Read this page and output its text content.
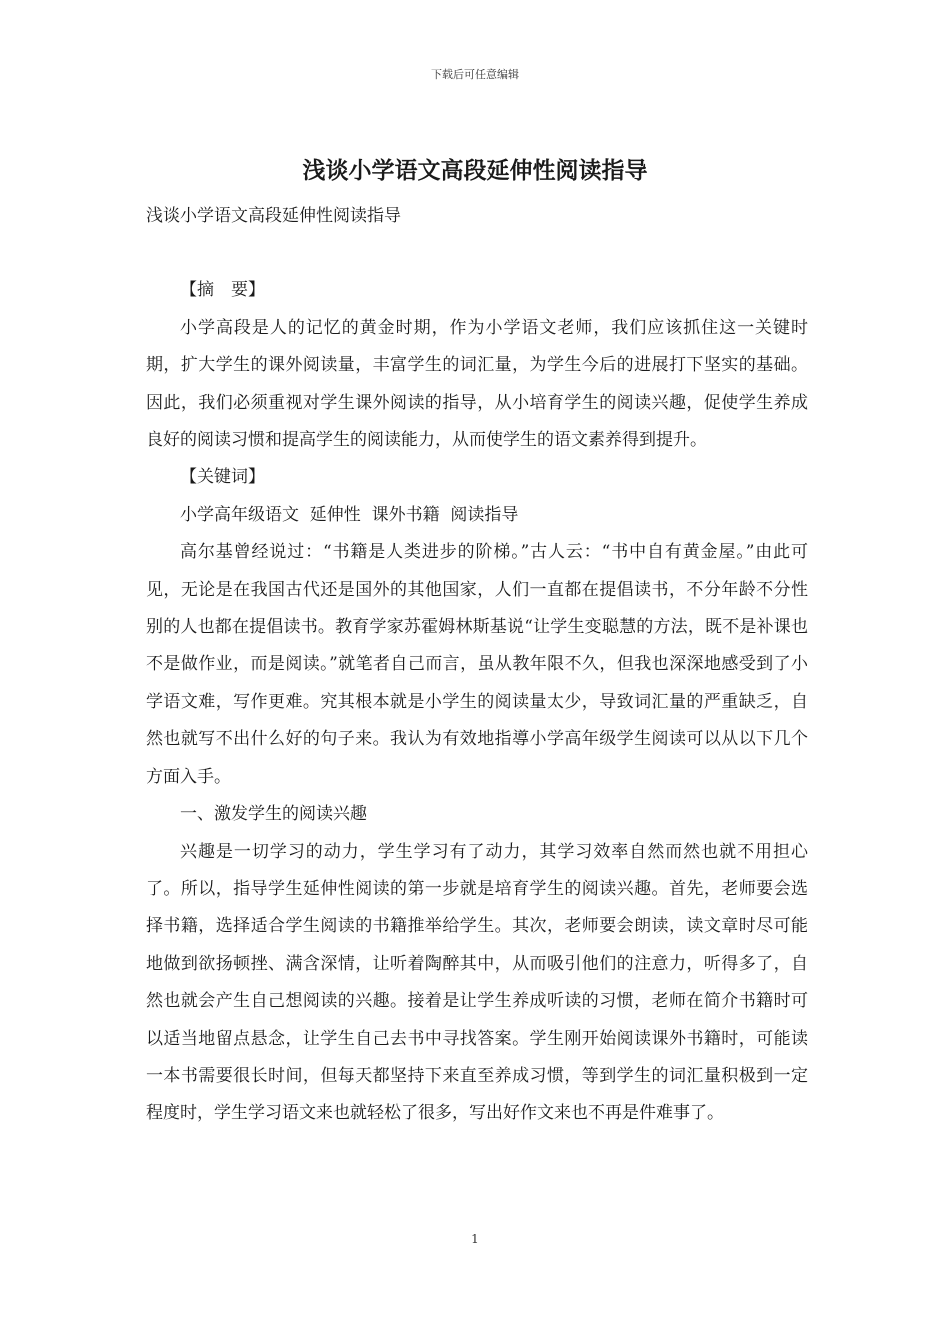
下载后可任意编辑
浅谈小学语文高段延伸性阅读指导

浅谈小学语文高段延伸性阅读指导

【摘　要】

小学高段是人的记忆的黄金时期，作为小学语文老师，我们应该抓住这一关键时期，扩大学生的课外阅读量，丰富学生的词汇量，为学生今后的进展打下坚实的基础。因此，我们必须重视对学生课外阅读的指导，从小培育学生的阅读兴趣，促使学生养成良好的阅读习惯和提高学生的阅读能力，从而使学生的语文素养得到提升。

【关键词】

小学高年级语文  延伸性  课外书籍  阅读指导

高尔基曾经说过：“书籍是人类进步的阶梯。”古人云：“书中自有黄金屋。”由此可见，无论是在我国古代还是国外的其他国家，人们一直都在提倡读书，不分年龄不分性别的人也都在提倡读书。教育学家苏霍姆林斯基说“让学生变聪慧的方法，既不是补课也不是做作业，而是阅读。”就笔者自己而言，虽从教年限不久，但我也深深地感受到了小学语文难，写作更难。究其根本就是小学生的阅读量太少，导致词汇量的严重缺乏，自然也就写不出什么好的句子来。我认为有效地指導小学高年级学生阅读可以从以下几个方面入手。

一、激发学生的阅读兴趣

兴趣是一切学习的动力，学生学习有了动力，其学习效率自然而然也就不用担心了。所以，指导学生延伸性阅读的第一步就是培育学生的阅读兴趣。首先，老师要会选择书籍，选择适合学生阅读的书籍推举给学生。其次，老师要会朗读，读文章时尽可能地做到欲扬顿挫、满含深情，让听着陶醉其中，从而吸引他们的注意力，听得多了，自然也就会产生自己想阅读的兴趣。接着是让学生养成听读的习惯，老师在简介书籍时可以适当地留点悬念，让学生自己去书中寻找答案。学生刚开始阅读课外书籍时，可能读一本书需要很长时间，但每天都坚持下来直至养成习惯，等到学生的词汇量积极到一定程度时，学生学习语文来也就轻松了很多，写出好作文来也不再是件难事了。

1
